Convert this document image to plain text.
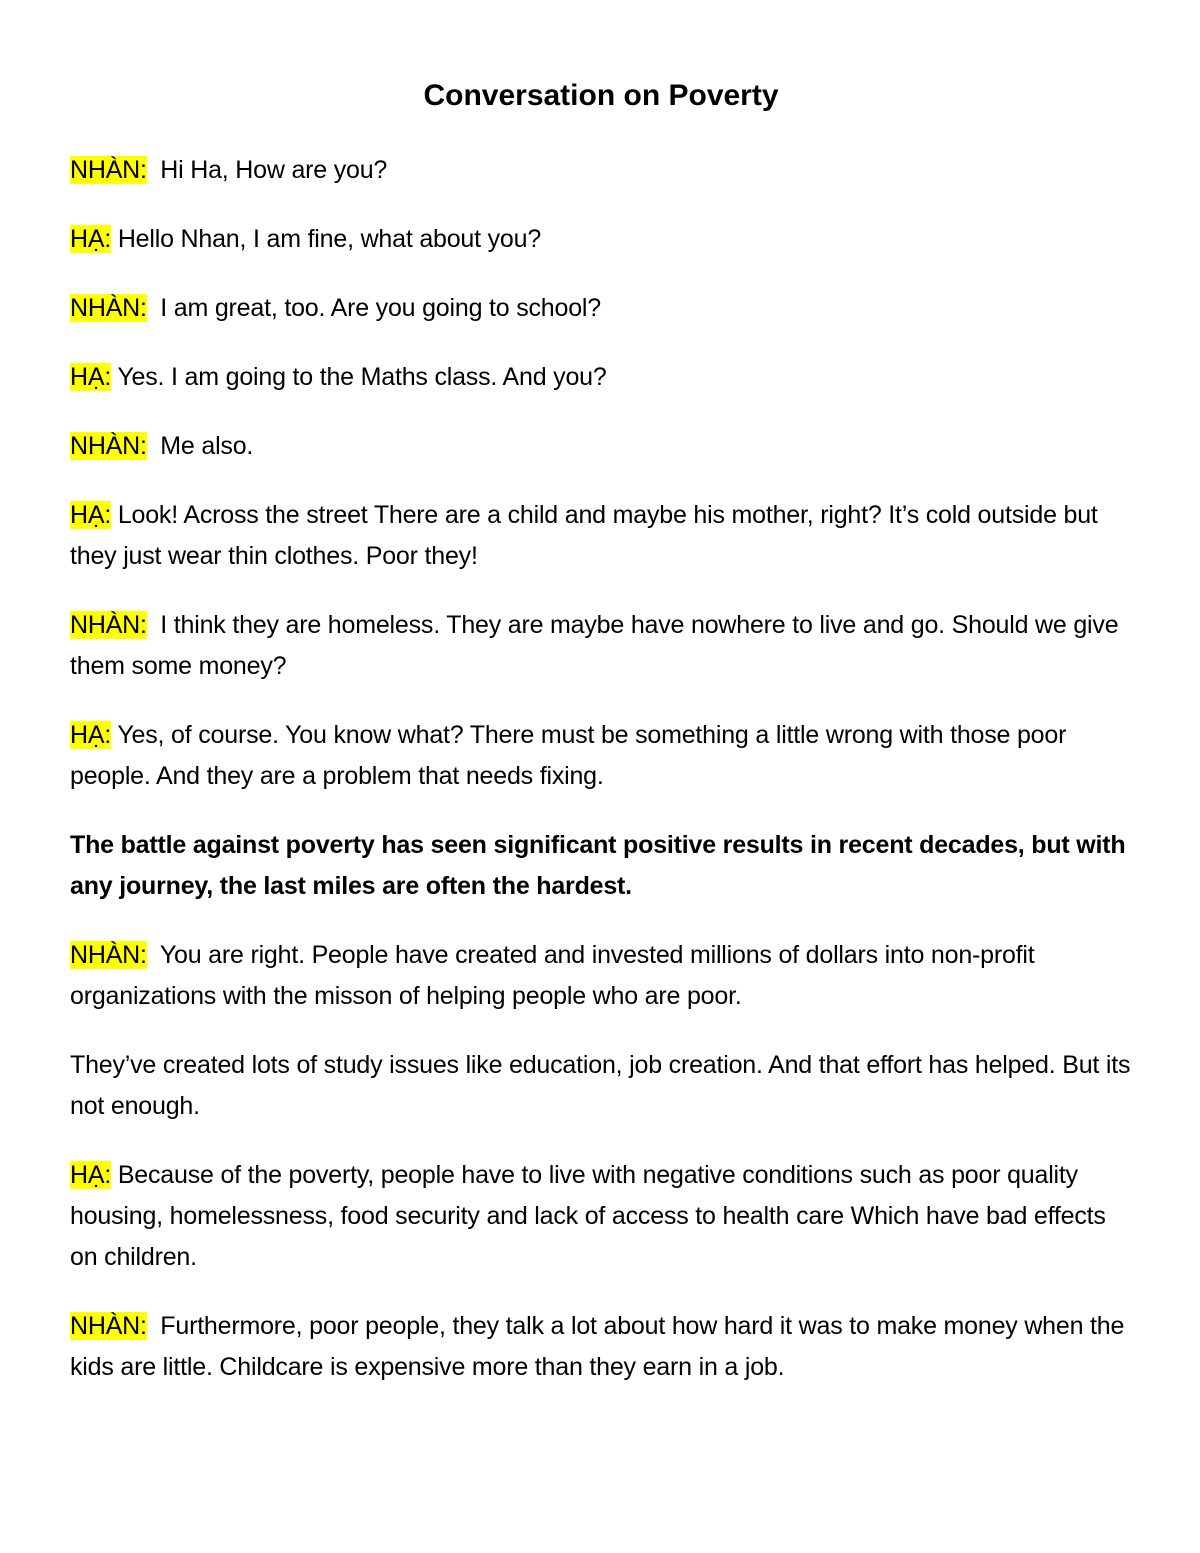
Conversation on Poverty

NHÀN:  Hi Ha, How are you?

HẠ: Hello Nhan, I am fine, what about you?

NHÀN:  I am great, too. Are you going to school?

HẠ: Yes. I am going to the Maths class. And you?

NHÀN:  Me also.

HẠ: Look! Across the street There are a child and maybe his mother, right? It’s cold outside but they just wear thin clothes. Poor they!

NHÀN:  I think they are homeless. They are maybe have nowhere to live and go. Should we give them some money?

HẠ: Yes, of course. You know what? There must be something a little wrong with those poor people. And they are a problem that needs fixing.

The battle against poverty has seen significant positive results in recent decades, but with any journey, the last miles are often the hardest.

NHÀN:  You are right. People have created and invested millions of dollars into non-profit organizations with the misson of helping people who are poor.

They’ve created lots of study issues like education, job creation. And that effort has helped. But its not enough.

HẠ: Because of the poverty, people have to live with negative conditions such as poor quality housing, homelessness, food security and lack of access to health care Which have bad effects on children.

NHÀN:  Furthermore, poor people, they talk a lot about how hard it was to make money when the kids are little. Childcare is expensive more than they earn in a job.
